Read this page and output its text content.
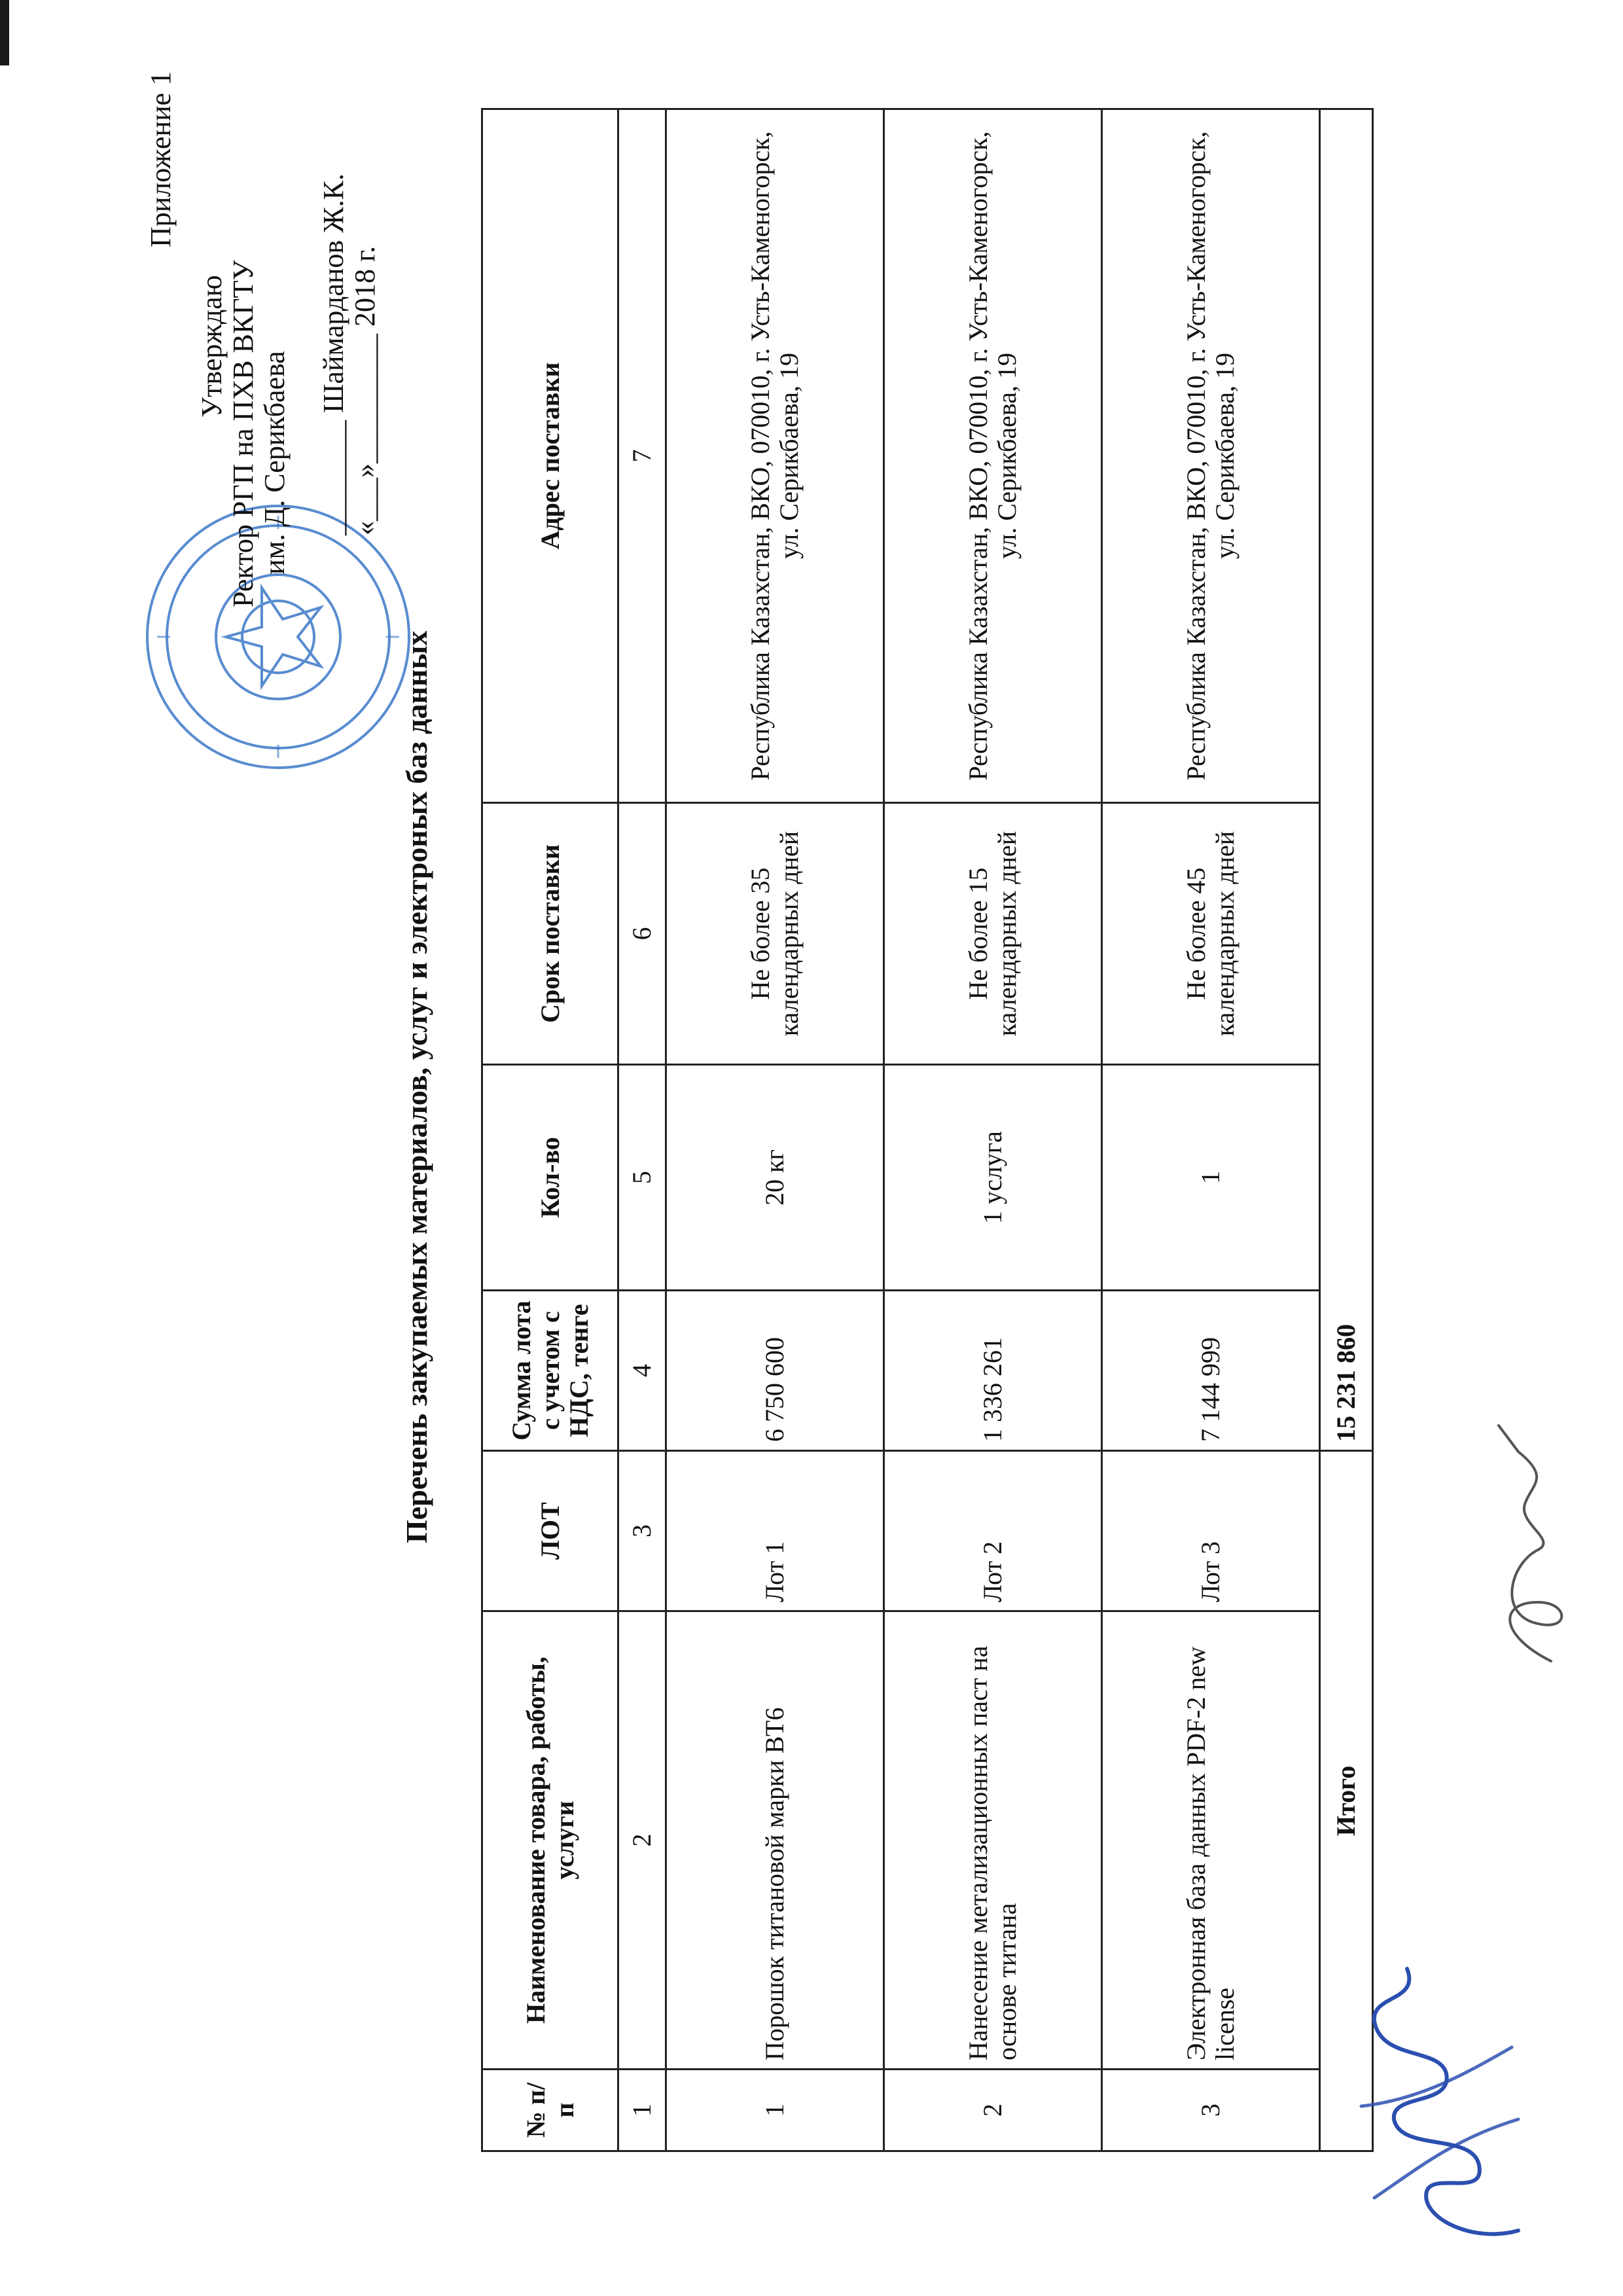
Приложение 1
Утверждаю Ректор РГП на ПХВ ВКГТУ им. Д. Серикбаева ________ Шаймарданов Ж.К. «___»_________ 2018 г.
Перечень закупаемых материалов, услуг и электроных баз данных
№ п/п	Наименование товара, работы, услуги	ЛОТ	Сумма лота с учетом с НДС, тенге	Кол-во	Срок поставки	Адрес поставки
1	2	3	4	5	6	7
1	Порошок титановой марки ВТ6	Лот 1	6 750 600	20 кг	Не более 35 календарных дней	Республика Казахстан, ВКО, 070010, г. Усть-Каменогорск, ул. Серикбаева, 19
2	Нанесение метализационных паст на основе титана	Лот 2	1 336 261	1 услуга	Не более 15 календарных дней	Республика Казахстан, ВКО, 070010, г. Усть-Каменогорск, ул. Серикбаева, 19
3	Электронная база данных PDF-2 new license	Лот 3	7 144 999	1	Не более 45 календарных дней	Республика Казахстан, ВКО, 070010, г. Усть-Каменогорск, ул. Серикбаева, 19
Итого			15 231 860			
